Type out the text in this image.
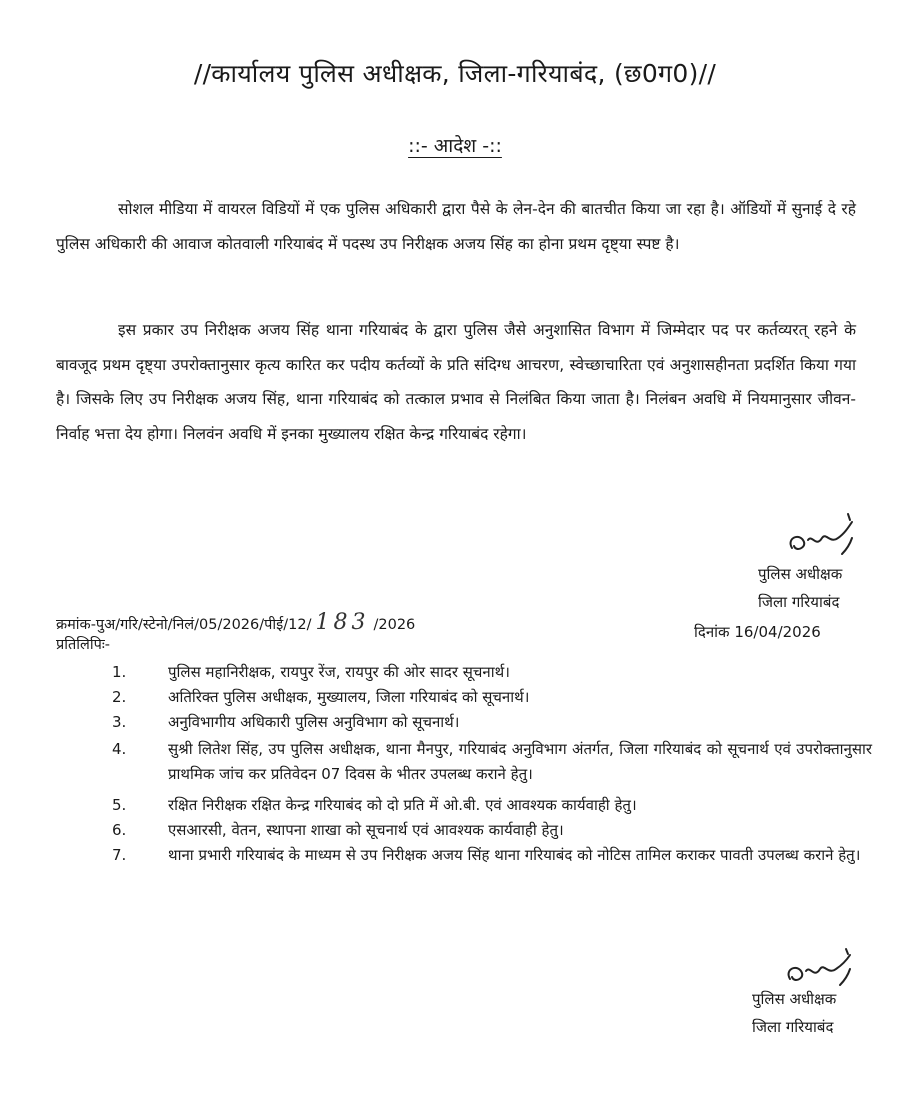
//कार्यालय पुलिस अधीक्षक, जिला-गरियाबंद, (छ0ग0)//
::- आदेश -::
सोशल मीडिया में वायरल विडियों में एक पुलिस अधिकारी द्वारा पैसे के लेन-देन की बातचीत किया जा रहा है। ऑडियों में सुनाई दे रहे पुलिस अधिकारी की आवाज कोतवाली गरियाबंद में पदस्थ उप निरीक्षक अजय सिंह का होना प्रथम दृष्ट्या स्पष्ट है।
इस प्रकार उप निरीक्षक अजय सिंह थाना गरियाबंद के द्वारा पुलिस जैसे अनुशासित विभाग में जिम्मेदार पद पर कर्तव्यरत् रहने के बावजूद प्रथम दृष्ट्या उपरोक्तानुसार कृत्य कारित कर पदीय कर्तव्यों के प्रति संदिग्ध आचरण, स्वेच्छाचारिता एवं अनुशासहीनता प्रदर्शित किया गया है। जिसके लिए उप निरीक्षक अजय सिंह, थाना गरियाबंद को तत्काल प्रभाव से निलंबित किया जाता है। निलंबन अवधि में नियमानुसार जीवन-निर्वाह भत्ता देय होगा। निलवंन अवधि में इनका मुख्यालय रक्षित केन्द्र गरियाबंद रहेगा।
पुलिस अधीक्षक
जिला गरियाबंद
क्रमांक-पुअ/गरि/स्टेनो/निलं/05/2026/पीई/12/ 183 /2026	दिनांक 16/04/2026
प्रतिलिपिः-
1.	पुलिस महानिरीक्षक, रायपुर रेंज, रायपुर की ओर सादर सूचनार्थ।
2.	अतिरिक्त पुलिस अधीक्षक, मुख्यालय, जिला गरियाबंद को सूचनार्थ।
3.	अनुविभागीय अधिकारी पुलिस अनुविभाग को सूचनार्थ।
4.	सुश्री लितेश सिंह, उप पुलिस अधीक्षक, थाना मैनपुर, गरियाबंद अनुविभाग अंतर्गत, जिला गरियाबंद को सूचनार्थ एवं उपरोक्तानुसार प्राथमिक जांच कर प्रतिवेदन 07 दिवस के भीतर उपलब्ध कराने हेतु।
5.	रक्षित निरीक्षक रक्षित केन्द्र गरियाबंद को दो प्रति में ओ.बी. एवं आवश्यक कार्यवाही हेतु।
6.	एसआरसी, वेतन, स्थापना शाखा को सूचनार्थ एवं आवश्यक कार्यवाही हेतु।
7.	थाना प्रभारी गरियाबंद के माध्यम से उप निरीक्षक अजय सिंह थाना गरियाबंद को नोटिस तामिल कराकर पावती उपलब्ध कराने हेतु।
पुलिस अधीक्षक
जिला गरियाबंद
